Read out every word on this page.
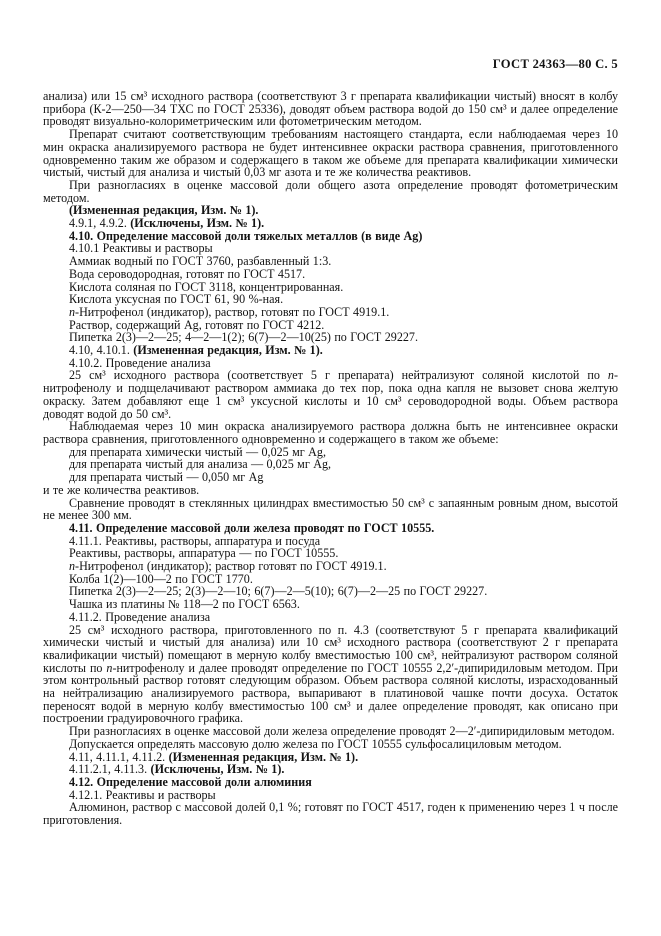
ГОСТ 24363—80 С. 5

анализа) или 15 см³ исходного раствора (соответствуют 3 г препарата квалификации чистый) вносят в колбу прибора (К-2—250—34 ТХС по ГОСТ 25336), доводят объем раствора водой до 150 см³ и далее определение проводят визуально-колориметрическим или фотометрическим методом.

Препарат считают соответствующим требованиям настоящего стандарта, если наблюдаемая через 10 мин окраска анализируемого раствора не будет интенсивнее окраски раствора сравнения, приготовленного одновременно таким же образом и содержащего в таком же объеме для препарата квалификации химически чистый, чистый для анализа и чистый 0,03 мг азота и те же количества реактивов.

При разногласиях в оценке массовой доли общего азота определение проводят фотометрическим методом.

(Измененная редакция, Изм. № 1).

4.9.1, 4.9.2. (Исключены, Изм. № 1).

4.10. Определение массовой доли тяжелых металлов (в виде Ag)

4.10.1 Реактивы и растворы

Аммиак водный по ГОСТ 3760, разбавленный 1:3.

Вода сероводородная, готовят по ГОСТ 4517.

Кислота соляная по ГОСТ 3118, концентрированная.

Кислота уксусная по ГОСТ 61, 90 %-ная.

п-Нитрофенол (индикатор), раствор, готовят по ГОСТ 4919.1.

Раствор, содержащий Ag, готовят по ГОСТ 4212.

Пипетка 2(3)—2—25; 4—2—1(2); 6(7)—2—10(25) по ГОСТ 29227.

4.10, 4.10.1. (Измененная редакция, Изм. № 1).

4.10.2. Проведение анализа

25 см³ исходного раствора (соответствует 5 г препарата) нейтрализуют соляной кислотой по п-нитрофенолу и подщелачивают раствором аммиака до тех пор, пока одна капля не вызовет снова желтую окраску. Затем добавляют еще 1 см³ уксусной кислоты и 10 см³ сероводородной воды. Объем раствора доводят водой до 50 см³.

Наблюдаемая через 10 мин окраска анализируемого раствора должна быть не интенсивнее окраски раствора сравнения, приготовленного одновременно и содержащего в таком же объеме:

для препарата химически чистый — 0,025 мг Ag,

для препарата чистый для анализа — 0,025 мг Ag,

для препарата чистый — 0,050 мг Ag

и те же количества реактивов.

Сравнение проводят в стеклянных цилиндрах вместимостью 50 см³ с запаянным ровным дном, высотой не менее 300 мм.

4.11. Определение массовой доли железа проводят по ГОСТ 10555.

4.11.1. Реактивы, растворы, аппаратура и посуда

Реактивы, растворы, аппаратура — по ГОСТ 10555.

п-Нитрофенол (индикатор); раствор готовят по ГОСТ 4919.1.

Колба 1(2)—100—2 по ГОСТ 1770.

Пипетка 2(3)—2—25; 2(3)—2—10; 6(7)—2—5(10); 6(7)—2—25 по ГОСТ 29227.

Чашка из платины № 118—2 по ГОСТ 6563.

4.11.2. Проведение анализа

25 см³ исходного раствора, приготовленного по п. 4.3 (соответствуют 5 г препарата квалификаций химически чистый и чистый для анализа) или 10 см³ исходного раствора (соответствуют 2 г препарата квалификации чистый) помещают в мерную колбу вместимостью 100 см³, нейтрализуют раствором соляной кислоты по п-нитрофенолу и далее проводят определение по ГОСТ 10555 2,2′-дипиридиловым методом. При этом контрольный раствор готовят следующим образом. Объем раствора соляной кислоты, израсходованный на нейтрализацию анализируемого раствора, выпаривают в платиновой чашке почти досуха. Остаток переносят водой в мерную колбу вместимостью 100 см³ и далее определение проводят, как описано при построении градуировочного графика.

При разногласиях в оценке массовой доли железа определение проводят 2—2′-дипиридиловым методом.

Допускается определять массовую долю железа по ГОСТ 10555 сульфосалициловым методом.

4.11, 4.11.1, 4.11.2. (Измененная редакция, Изм. № 1).

4.11.2.1, 4.11.3. (Исключены, Изм. № 1).

4.12. Определение массовой доли алюминия

4.12.1. Реактивы и растворы

Алюминон, раствор с массовой долей 0,1 %; готовят по ГОСТ 4517, годен к применению через 1 ч после приготовления.
